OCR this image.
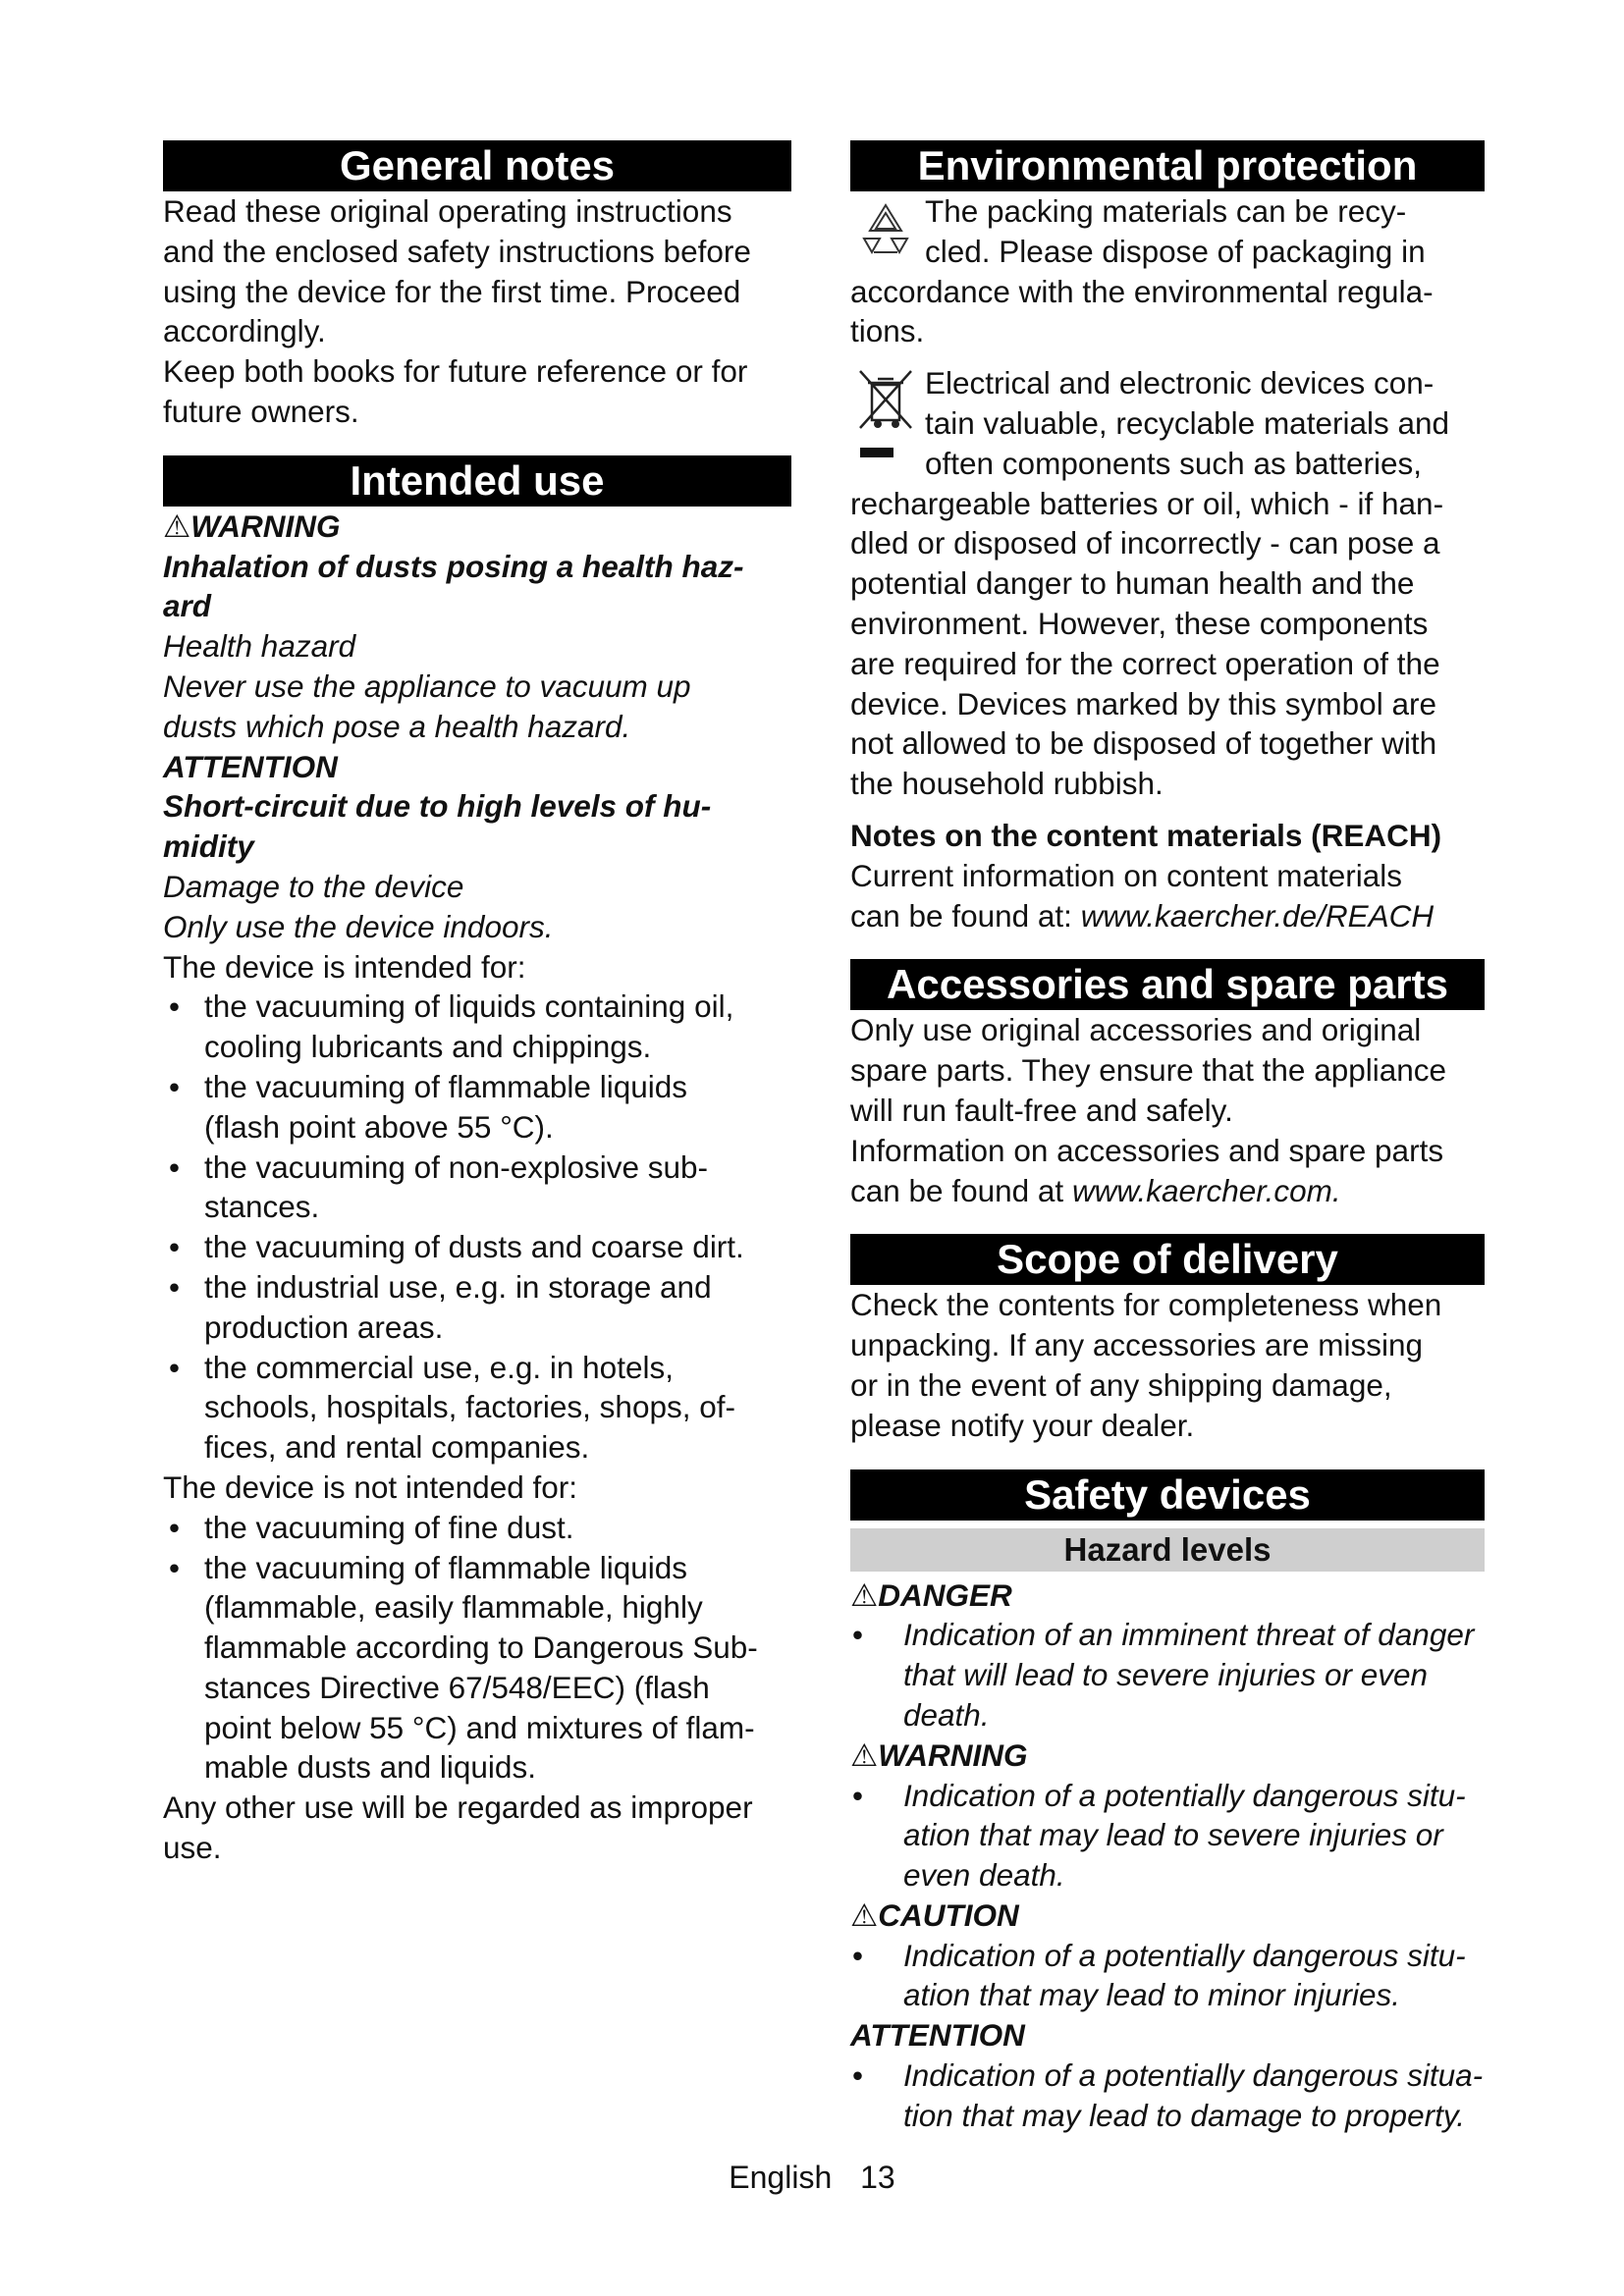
General notes
Read these original operating instructions
and the enclosed safety instructions before
using the device for the first time. Proceed
accordingly.
Keep both books for future reference or for
future owners.
Intended use
⚠WARNING
Inhalation of dusts posing a health haz-
ard
Health hazard
Never use the appliance to vacuum up
dusts which pose a health hazard.
ATTENTION
Short-circuit due to high levels of hu-
midity
Damage to the device
Only use the device indoors.
The device is intended for:
• the vacuuming of liquids containing oil,
cooling lubricants and chippings.
• the vacuuming of flammable liquids
(flash point above 55 °C).
• the vacuuming of non-explosive sub-
stances.
• the vacuuming of dusts and coarse dirt.
• the industrial use, e.g. in storage and
production areas.
• the commercial use, e.g. in hotels,
schools, hospitals, factories, shops, of-
fices, and rental companies.
The device is not intended for:
• the vacuuming of fine dust.
• the vacuuming of flammable liquids
(flammable, easily flammable, highly
flammable according to Dangerous Sub-
stances Directive 67/548/EEC) (flash
point below 55 °C) and mixtures of flam-
mable dusts and liquids.
Any other use will be regarded as improper
use.
Environmental protection
The packing materials can be recy-
cled. Please dispose of packaging in
accordance with the environmental regula-
tions.
Electrical and electronic devices con-
tain valuable, recyclable materials and
often components such as batteries,
rechargeable batteries or oil, which - if han-
dled or disposed of incorrectly - can pose a
potential danger to human health and the
environment. However, these components
are required for the correct operation of the
device. Devices marked by this symbol are
not allowed to be disposed of together with
the household rubbish.
Notes on the content materials (REACH)
Current information on content materials
can be found at: www.kaercher.de/REACH
Accessories and spare parts
Only use original accessories and original
spare parts. They ensure that the appliance
will run fault-free and safely.
Information on accessories and spare parts
can be found at www.kaercher.com.
Scope of delivery
Check the contents for completeness when
unpacking. If any accessories are missing
or in the event of any shipping damage,
please notify your dealer.
Safety devices
Hazard levels
⚠DANGER
• Indication of an imminent threat of danger
that will lead to severe injuries or even
death.
⚠WARNING
• Indication of a potentially dangerous situ-
ation that may lead to severe injuries or
even death.
⚠CAUTION
• Indication of a potentially dangerous situ-
ation that may lead to minor injuries.
ATTENTION
• Indication of a potentially dangerous situa-
tion that may lead to damage to property.
English 13
